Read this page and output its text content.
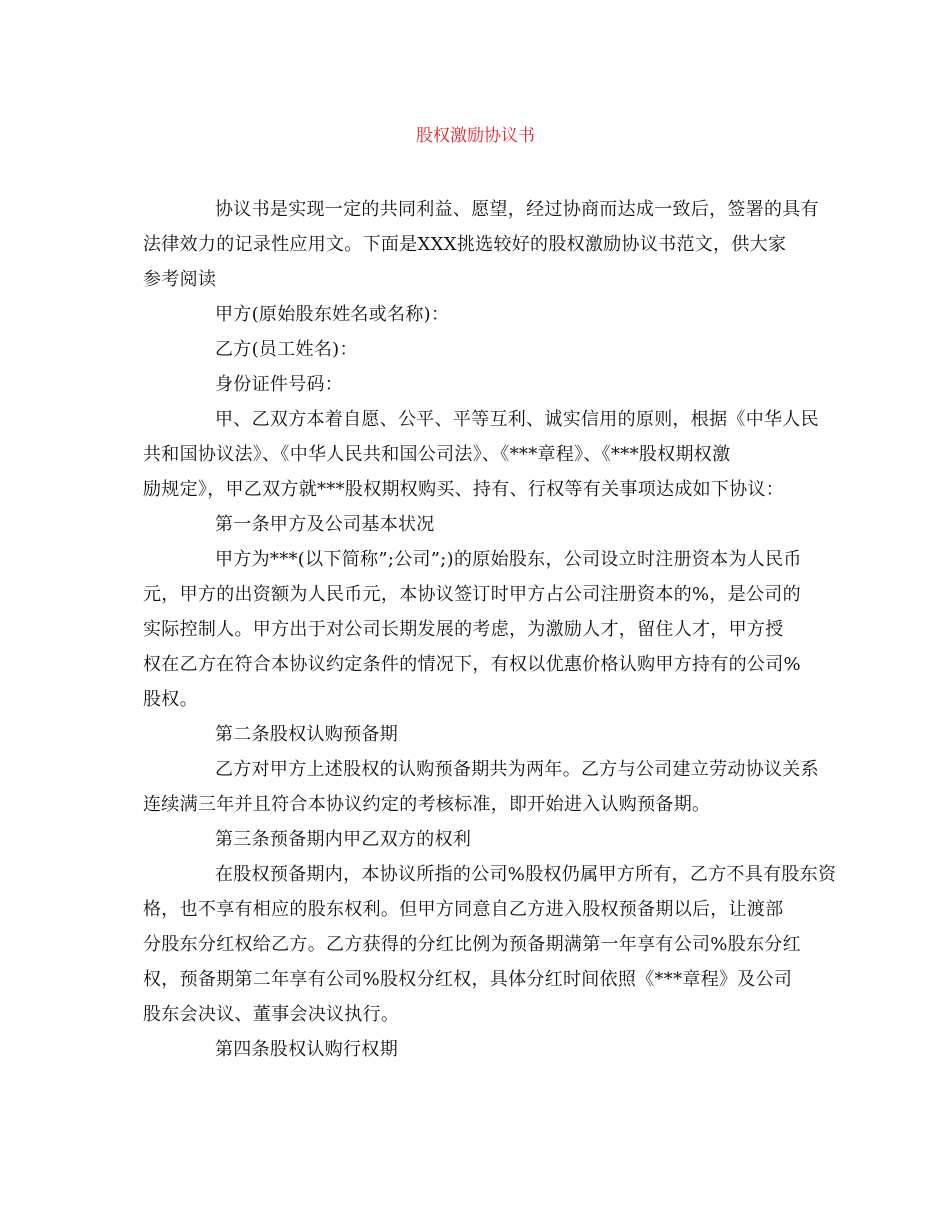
股权激励协议书
协议书是实现一定的共同利益、愿望，经过协商而达成一致后，签署的具有
法律效力的记录性应用文。下面是XXX挑选较好的股权激励协议书范文，供大家
参考阅读
甲方(原始股东姓名或名称)：
乙方(员工姓名)：
身份证件号码：
甲、乙双方本着自愿、公平、平等互利、诚实信用的原则，根据《中华人民
共和国协议法》、《中华人民共和国公司法》、《***章程》、《***股权期权激
励规定》，甲乙双方就***股权期权购买、持有、行权等有关事项达成如下协议：
第一条甲方及公司基本状况
甲方为***(以下简称”;公司”;)的原始股东，公司设立时注册资本为人民币
元，甲方的出资额为人民币元，本协议签订时甲方占公司注册资本的%，是公司的
实际控制人。甲方出于对公司长期发展的考虑，为激励人才，留住人才，甲方授
权在乙方在符合本协议约定条件的情况下，有权以优惠价格认购甲方持有的公司%
股权。
第二条股权认购预备期
乙方对甲方上述股权的认购预备期共为两年。乙方与公司建立劳动协议关系
连续满三年并且符合本协议约定的考核标准，即开始进入认购预备期。
第三条预备期内甲乙双方的权利
在股权预备期内，本协议所指的公司%股权仍属甲方所有，乙方不具有股东资
格，也不享有相应的股东权利。但甲方同意自乙方进入股权预备期以后，让渡部
分股东分红权给乙方。乙方获得的分红比例为预备期满第一年享有公司%股东分红
权，预备期第二年享有公司%股权分红权，具体分红时间依照《***章程》及公司
股东会决议、董事会决议执行。
第四条股权认购行权期
